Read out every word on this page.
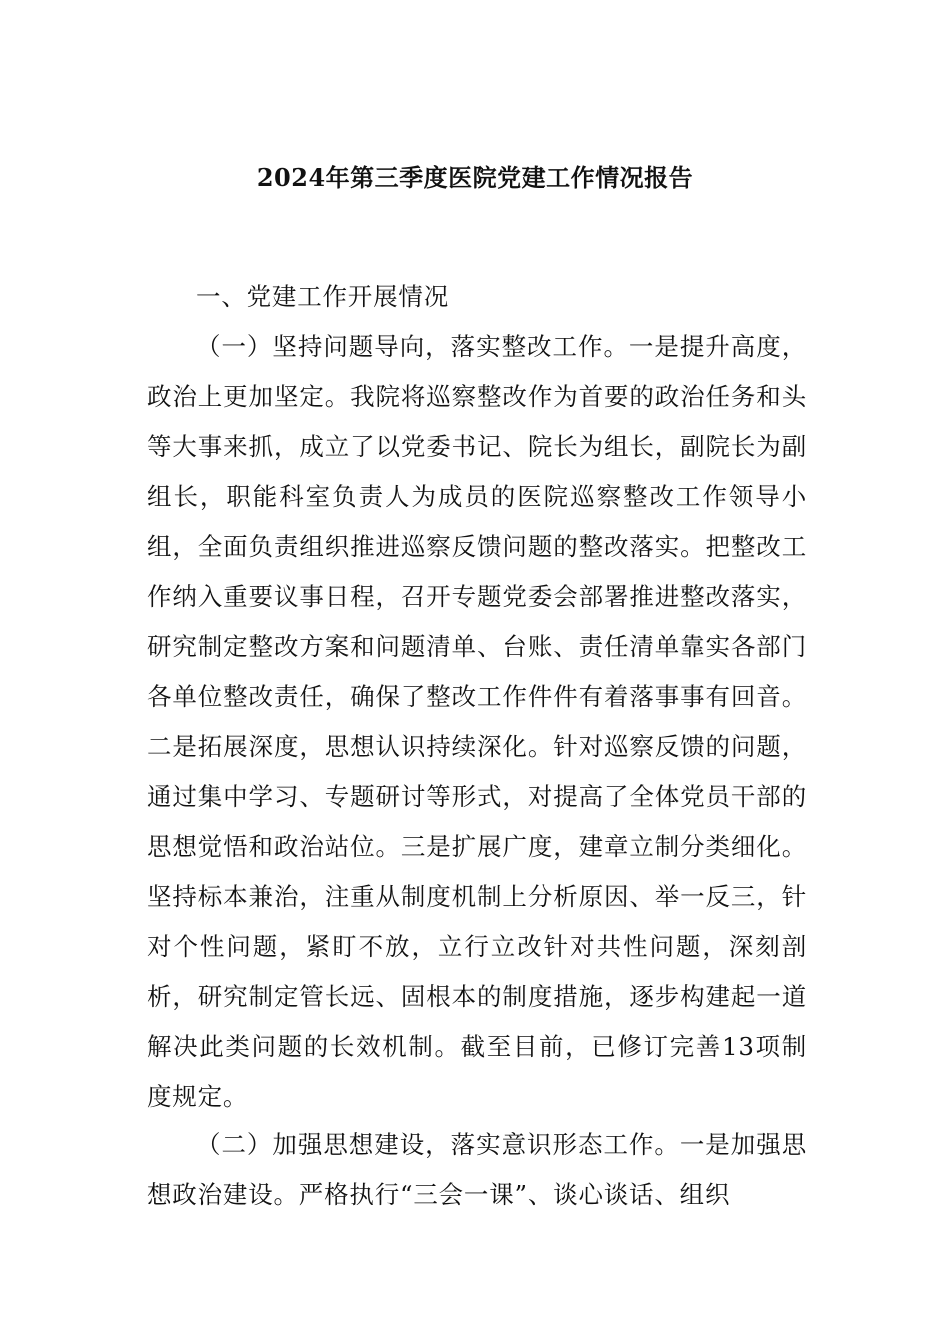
2024年第三季度医院党建工作情况报告
一、党建工作开展情况

（一）坚持问题导向，落实整改工作。一是提升高度，政治上更加坚定。我院将巡察整改作为首要的政治任务和头等大事来抓，成立了以党委书记、院长为组长，副院长为副组长，职能科室负责人为成员的医院巡察整改工作领导小组，全面负责组织推进巡察反馈问题的整改落实。把整改工作纳入重要议事日程，召开专题党委会部署推进整改落实，研究制定整改方案和问题清单、台账、责任清单靠实各部门各单位整改责任，确保了整改工作件件有着落事事有回音。二是拓展深度，思想认识持续深化。针对巡察反馈的问题，通过集中学习、专题研讨等形式，对提高了全体党员干部的思想觉悟和政治站位。三是扩展广度，建章立制分类细化。坚持标本兼治，注重从制度机制上分析原因、举一反三，针对个性问题，紧盯不放，立行立改针对共性问题，深刻剖析，研究制定管长远、固根本的制度措施，逐步构建起一道解决此类问题的长效机制。截至目前，已修订完善13项制度规定。

（二）加强思想建设，落实意识形态工作。一是加强思想政治建设。严格执行“三会一课”、谈心谈话、组织
